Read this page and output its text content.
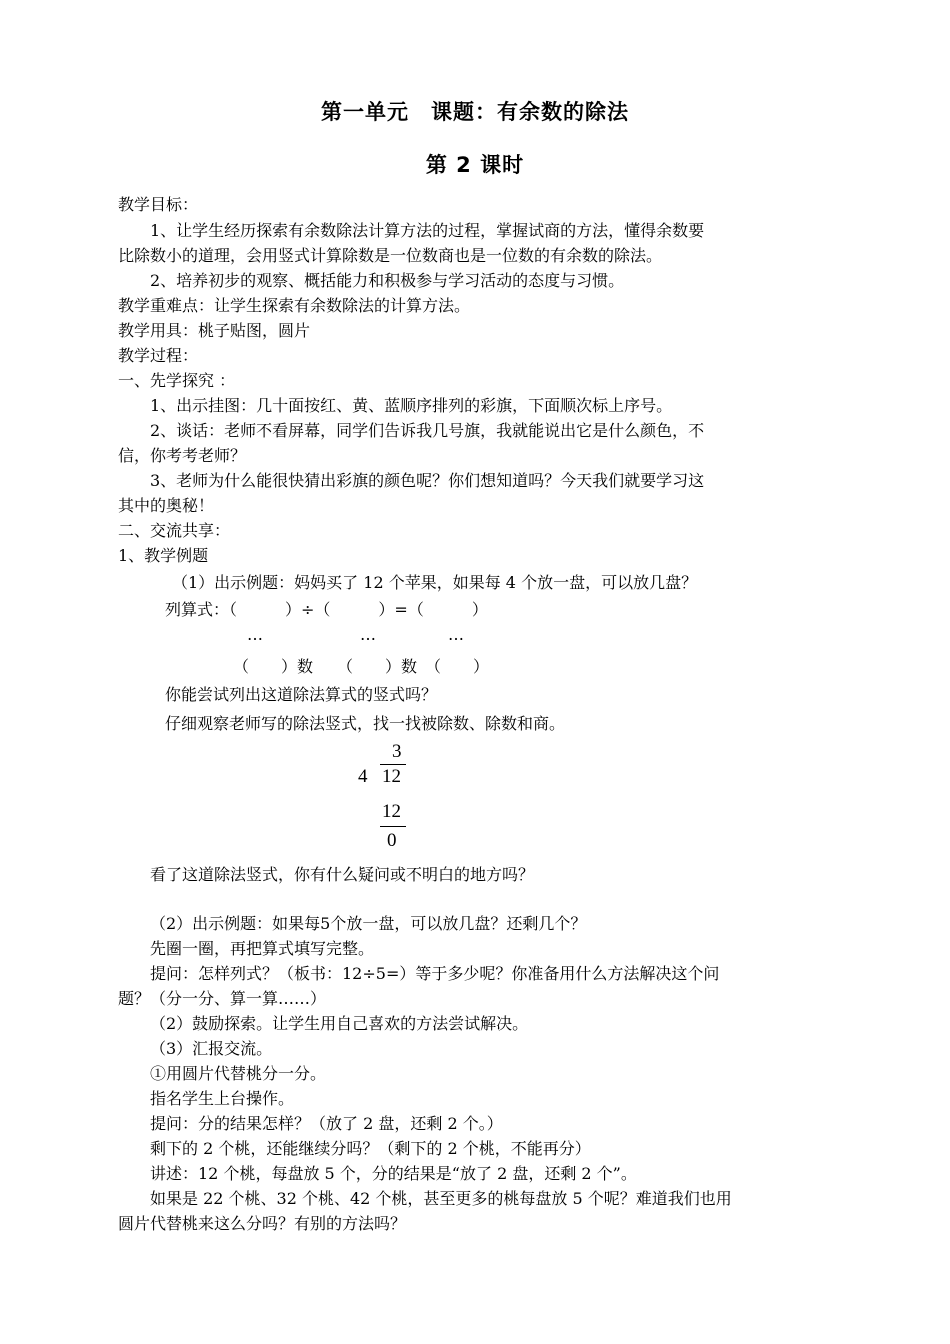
第一单元　课题：有余数的除法
第 2 课时
教学目标：
1、让学生经历探索有余数除法计算方法的过程，掌握试商的方法，懂得余数要
比除数小的道理，会用竖式计算除数是一位数商也是一位数的有余数的除法。
2、培养初步的观察、概括能力和积极参与学习活动的态度与习惯。
教学重难点：让学生探索有余数除法的计算方法。
教学用具：桃子贴图，圆片
教学过程：
一、先学探究 ：
1、出示挂图：几十面按红、黄、蓝顺序排列的彩旗，下面顺次标上序号。
2、谈话：老师不看屏幕，同学们告诉我几号旗，我就能说出它是什么颜色，不
信，你考考老师？
3、老师为什么能很快猜出彩旗的颜色呢？你们想知道吗？今天我们就要学习这
其中的奥秘！
二、交流共享：
1、教学例题
（1）出示例题：妈妈买了 12 个苹果，如果每 4 个放一盘，可以放几盘？
列算式：（　　　）÷（　　　）=（　　　）
…	…	…
（　　）数　　（　　）数　（　　）
你能尝试列出这道除法算式的竖式吗？
仔细观察老师写的除法竖式，找一找被除数、除数和商。
3
4 12
12
0
看了这道除法竖式，你有什么疑问或不明白的地方吗？
（2）出示例题：如果每5个放一盘，可以放几盘？还剩几个？
先圈一圈，再把算式填写完整。
提问：怎样列式？（板书：12÷5=）等于多少呢？你准备用什么方法解决这个问
题？（分一分、算一算……）
（2）鼓励探索。让学生用自己喜欢的方法尝试解决。
（3）汇报交流。
①用圆片代替桃分一分。
指名学生上台操作。
提问：分的结果怎样？（放了 2 盘，还剩 2 个。）
剩下的 2 个桃，还能继续分吗？（剩下的 2 个桃，不能再分）
讲述：12 个桃，每盘放 5 个，分的结果是“放了 2 盘，还剩 2 个”。
如果是 22 个桃、32 个桃、42 个桃，甚至更多的桃每盘放 5 个呢？难道我们也用
圆片代替桃来这么分吗？有别的方法吗？
